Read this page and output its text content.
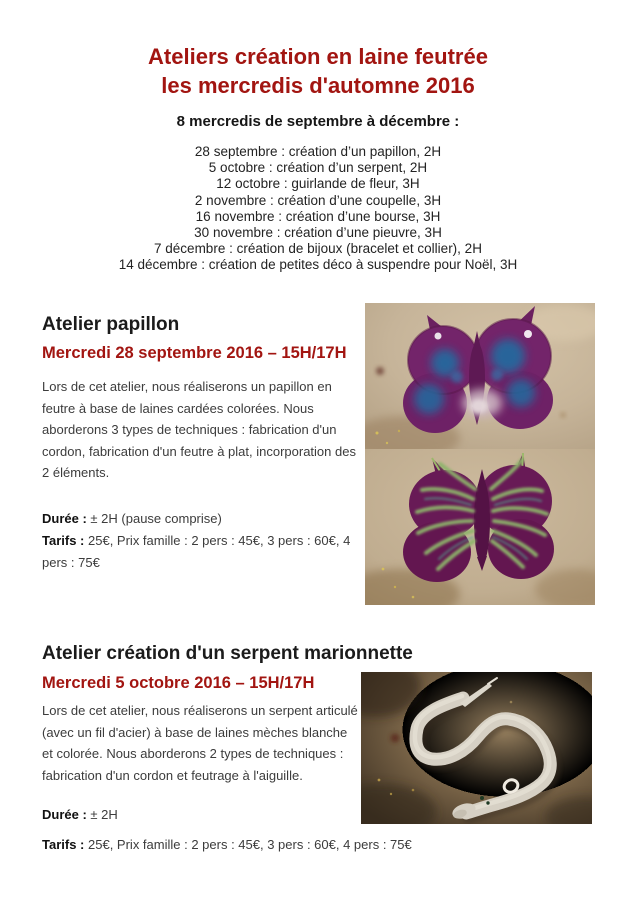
Ateliers création en laine feutrée
les mercredis d'automne 2016
8 mercredis de septembre à décembre :
28 septembre : création d’un papillon, 2H
5 octobre : création d’un serpent, 2H
12 octobre : guirlande de fleur, 3H
2 novembre : création d’une coupelle, 3H
16 novembre : création d’une bourse, 3H
30 novembre : création d’une pieuvre, 3H
7 décembre : création de bijoux (bracelet et collier), 2H
14 décembre : création de petites déco à suspendre pour Noël, 3H
Atelier papillon
Mercredi 28 septembre 2016 – 15H/17H

Lors de cet atelier, nous réaliserons un papillon en feutre à base de laines cardées colorées. Nous aborderons 3 types de techniques : fabrication d'un cordon, fabrication d'un feutre à plat, incorporation des 2 éléments.

Durée : ± 2H (pause comprise)
Tarifs : 25€, Prix famille : 2 pers : 45€, 3 pers : 60€, 4 pers : 75€
Atelier création d'un serpent marionnette
Mercredi 5 octobre 2016 – 15H/17H

Lors de cet atelier, nous réaliserons un serpent articulé (avec un fil d'acier) à base de laines mèches blanche et colorée. Nous aborderons 2 types de techniques : fabrication d'un cordon et feutrage à l'aiguille.

Durée : ± 2H
Tarifs : 25€, Prix famille : 2 pers : 45€, 3 pers : 60€, 4 pers : 75€
